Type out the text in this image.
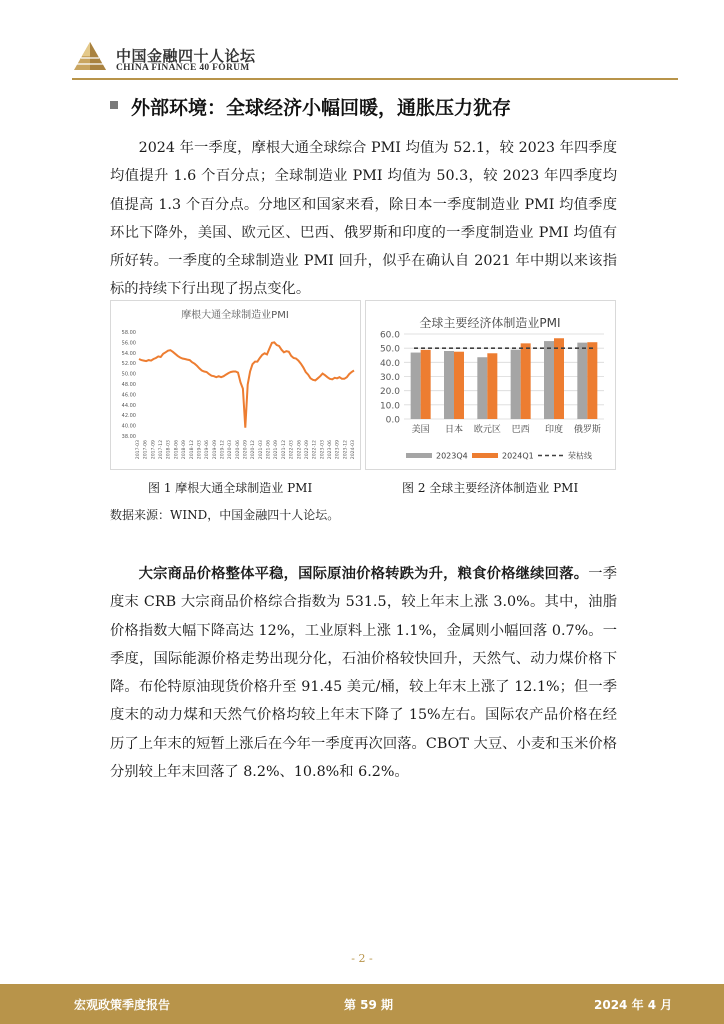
中国金融四十人论坛
CHINA FINANCE 40 FORUM
外部环境：全球经济小幅回暖，通胀压力犹存

2024 年一季度，摩根大通全球综合 PMI 均值为 52.1，较 2023 年四季度均值提升 1.6 个百分点；全球制造业 PMI 均值为 50.3，较 2023 年四季度均值提高 1.3 个百分点。分地区和国家来看，除日本一季度制造业 PMI 均值季度环比下降外，美国、欧元区、巴西、俄罗斯和印度的一季度制造业 PMI 均值有所好转。一季度的全球制造业 PMI 回升，似乎在确认自 2021 年中期以来该指标的持续下行出现了拐点变化。

摩根大通全球制造业PMI
38.00
40.00
42.00
44.00
46.00
48.00
50.00
52.00
54.00
56.00
58.00
2017-03 2017-06 2017-09 2017-12 2018-03 2018-06 2018-09 2018-12 2019-03 2019-06 2019-09 2019-12 2020-03 2020-06 2020-09 2020-12 2021-03 2021-06 2021-09 2021-12 2022-03 2022-06 2022-09 2022-12 2023-03 2023-06 2023-09 2023-12 2024-03
全球主要经济体制造业PMI
0.0
10.0
20.0
30.0
40.0
50.0
60.0
美国 日本 欧元区 巴西 印度 俄罗斯
2023Q4	2024Q1	荣枯线
图 1 摩根大通全球制造业 PMI	图 2 全球主要经济体制造业 PMI
数据来源：WIND，中国金融四十人论坛。

大宗商品价格整体平稳，国际原油价格转跌为升，粮食价格继续回落。一季度末 CRB 大宗商品价格综合指数为 531.5，较上年末上涨 3.0%。其中，油脂价格指数大幅下降高达 12%，工业原料上涨 1.1%，金属则小幅回落 0.7%。一季度，国际能源价格走势出现分化，石油价格较快回升，天然气、动力煤价格下降。布伦特原油现货价格升至 91.45 美元/桶，较上年末上涨了 12.1%；但一季度末的动力煤和天然气价格均较上年末下降了 15%左右。国际农产品价格在经历了上年末的短暂上涨后在今年一季度再次回落。CBOT 大豆、小麦和玉米价格分别较上年末回落了 8.2%、10.8%和 6.2%。

- 2 -
宏观政策季度报告	第 59 期	2024 年 4 月
